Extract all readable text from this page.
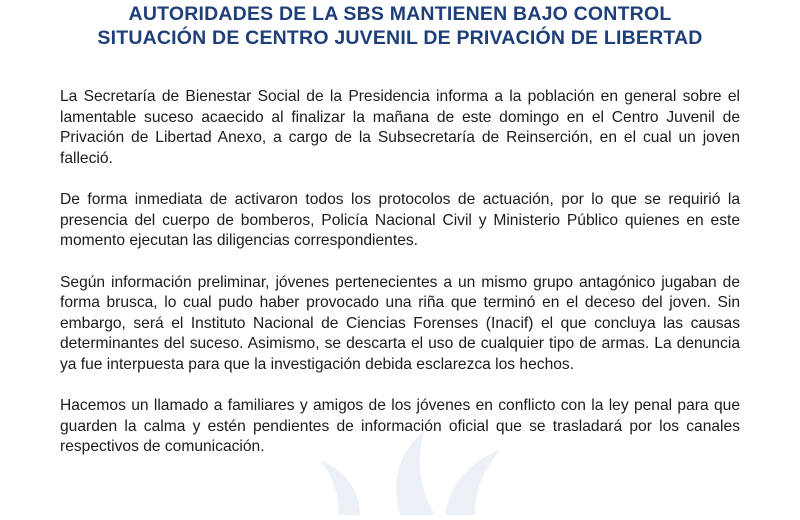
AUTORIDADES DE LA SBS MANTIENEN BAJO CONTROL
SITUACIÓN DE CENTRO JUVENIL DE PRIVACIÓN DE LIBERTAD

La Secretaría de Bienestar Social de la Presidencia informa a la población en general sobre el lamentable suceso acaecido al finalizar la mañana de este domingo en el Centro Juvenil de Privación de Libertad Anexo, a cargo de la Subsecretaría de Reinserción, en el cual un joven falleció.

De forma inmediata de activaron todos los protocolos de actuación, por lo que se requirió la presencia del cuerpo de bomberos, Policía Nacional Civil y Ministerio Público quienes en este momento ejecutan las diligencias correspondientes.

Según información preliminar, jóvenes pertenecientes a un mismo grupo antagónico jugaban de forma brusca, lo cual pudo haber provocado una riña que terminó en el deceso del joven. Sin embargo, será el Instituto Nacional de Ciencias Forenses (Inacif) el que concluya las causas determinantes del suceso. Asimismo, se descarta el uso de cualquier tipo de armas. La denuncia ya fue interpuesta para que la investigación debida esclarezca los hechos.

Hacemos un llamado a familiares y amigos de los jóvenes en conflicto con la ley penal para que guarden la calma y estén pendientes de información oficial que se trasladará por los canales respectivos de comunicación.
